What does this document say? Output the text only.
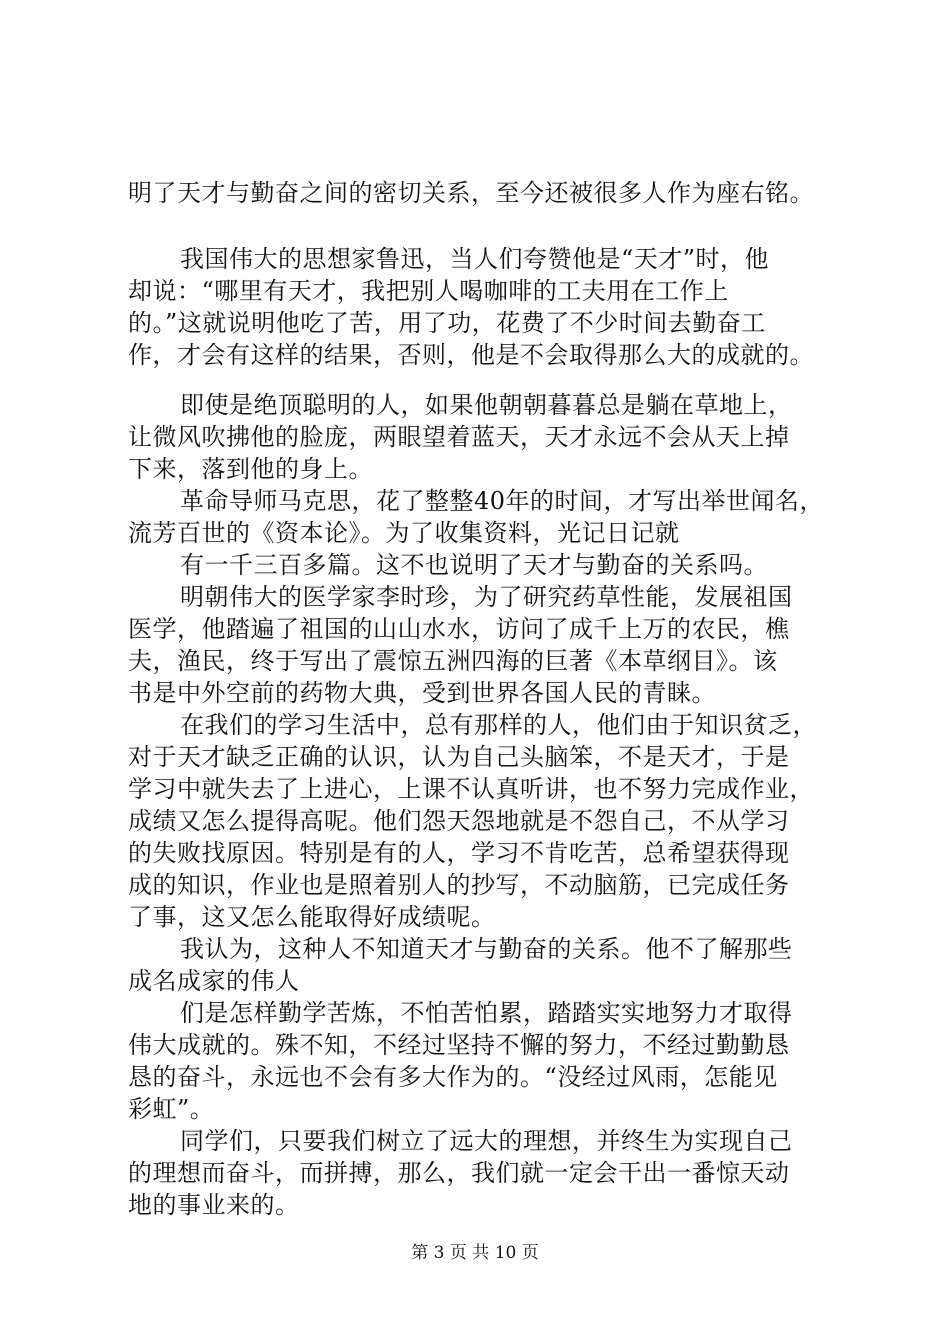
明了天才与勤奋之间的密切关系，至今还被很多人作为座右铭。
我国伟大的思想家鲁迅，当人们夸赞他是“天才”时，他
却说：“哪里有天才，我把别人喝咖啡的工夫用在工作上
的。”这就说明他吃了苦，用了功，花费了不少时间去勤奋工
作，才会有这样的结果，否则，他是不会取得那么大的成就的。
即使是绝顶聪明的人，如果他朝朝暮暮总是躺在草地上，
让微风吹拂他的脸庞，两眼望着蓝天，天才永远不会从天上掉
下来，落到他的身上。
革命导师马克思，花了整整40年的时间，才写出举世闻名，
流芳百世的《资本论》。为了收集资料，光记日记就
有一千三百多篇。这不也说明了天才与勤奋的关系吗。
明朝伟大的医学家李时珍，为了研究药草性能，发展祖国
医学，他踏遍了祖国的山山水水，访问了成千上万的农民，樵
夫，渔民，终于写出了震惊五洲四海的巨著《本草纲目》。该
书是中外空前的药物大典，受到世界各国人民的青睐。
在我们的学习生活中，总有那样的人，他们由于知识贫乏，
对于天才缺乏正确的认识，认为自己头脑笨，不是天才，于是
学习中就失去了上进心，上课不认真听讲，也不努力完成作业，
成绩又怎么提得高呢。他们怨天怨地就是不怨自己，不从学习
的失败找原因。特别是有的人，学习不肯吃苦，总希望获得现
成的知识，作业也是照着别人的抄写，不动脑筋，已完成任务
了事，这又怎么能取得好成绩呢。
我认为，这种人不知道天才与勤奋的关系。他不了解那些
成名成家的伟人
们是怎样勤学苦炼，不怕苦怕累，踏踏实实地努力才取得
伟大成就的。殊不知，不经过坚持不懈的努力，不经过勤勤恳
恳的奋斗，永远也不会有多大作为的。“没经过风雨，怎能见
彩虹”。
同学们，只要我们树立了远大的理想，并终生为实现自己
的理想而奋斗，而拼搏，那么，我们就一定会干出一番惊天动
地的事业来的。
第 3 页 共 10 页
